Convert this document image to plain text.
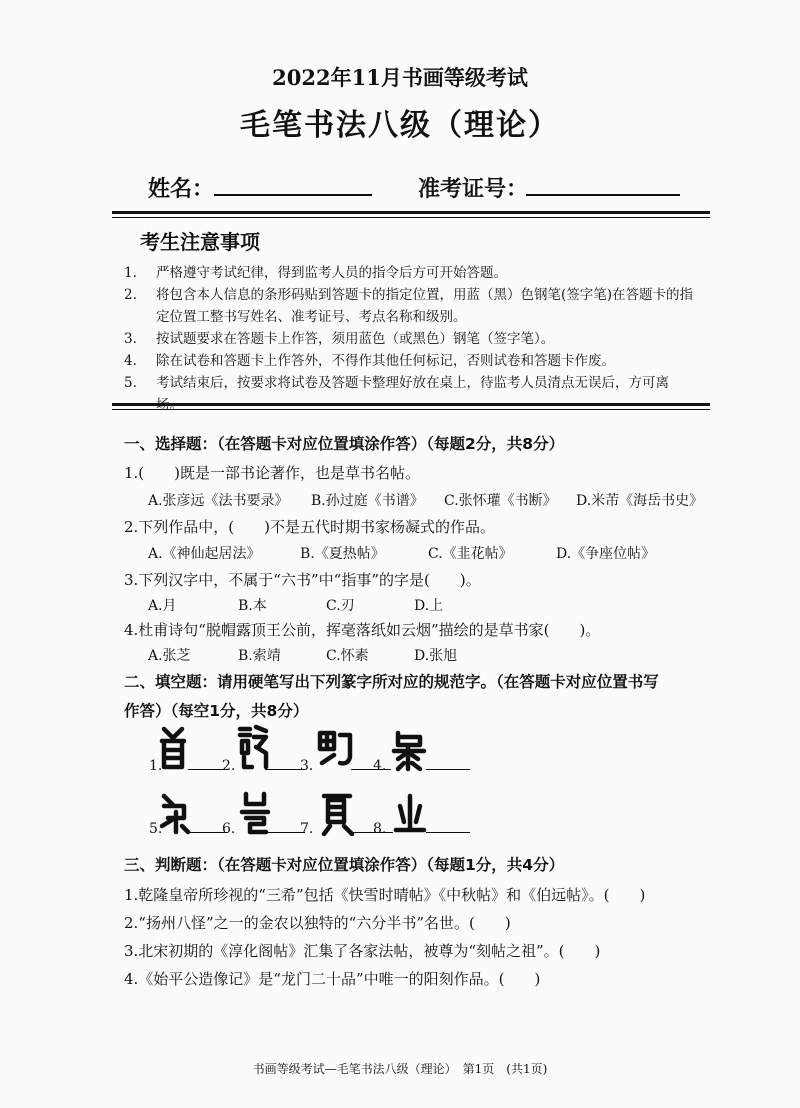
2022年11月书画等级考试
毛笔书法八级（理论）
姓名：	准考证号：
考生注意事项
1. 严格遵守考试纪律，得到监考人员的指令后方可开始答题。
2. 将包含本人信息的条形码贴到答题卡的指定位置，用蓝（黑）色钢笔(签字笔)在答题卡的指定位置工整书写姓名、准考证号、考点名称和级别。
3. 按试题要求在答题卡上作答，须用蓝色（或黑色）钢笔（签字笔）。
4. 除在试卷和答题卡上作答外，不得作其他任何标记，否则试卷和答题卡作废。
5. 考试结束后，按要求将试卷及答题卡整理好放在桌上，待监考人员清点无误后，方可离
一、选择题：（在答题卡对应位置填涂作答）（每题2分，共8分）
1.(　　)既是一部书论著作，也是草书名帖。
A.张彦远《法书要录》	B.孙过庭《书谱》	C.张怀瓘《书断》	D.米芾《海岳书史》
2.下列作品中，(　　)不是五代时期书家杨凝式的作品。
A.《神仙起居法》	B.《夏热帖》	C.《韭花帖》	D.《争座位帖》
3.下列汉字中，不属于“六书”中“指事”的字是(　　)。
A.月	B.本	C.刃	D.上
4.杜甫诗句“脱帽露顶王公前，挥毫落纸如云烟”描绘的是草书家(　　)。
A.张芝	B.索靖	C.怀素	D.张旭
二、填空题：请用硬笔写出下列篆字所对应的规范字。（在答题卡对应位置书写
作答）（每空1分，共8分）
1.	2.	3.	4.
5.	6.	7.	8.
三、判断题：（在答题卡对应位置填涂作答）（每题1分，共4分）
1.乾隆皇帝所珍视的“三希”包括《快雪时晴帖》《中秋帖》和《伯远帖》。(　　)
2.“扬州八怪”之一的金农以独特的“六分半书”名世。(　　)
3.北宋初期的《淳化阁帖》汇集了各家法帖，被尊为“刻帖之祖”。(　　)
4.《始平公造像记》是“龙门二十品”中唯一的阳刻作品。(　　)
书画等级考试—毛笔书法八级（理论）　第1页　(共1页)
